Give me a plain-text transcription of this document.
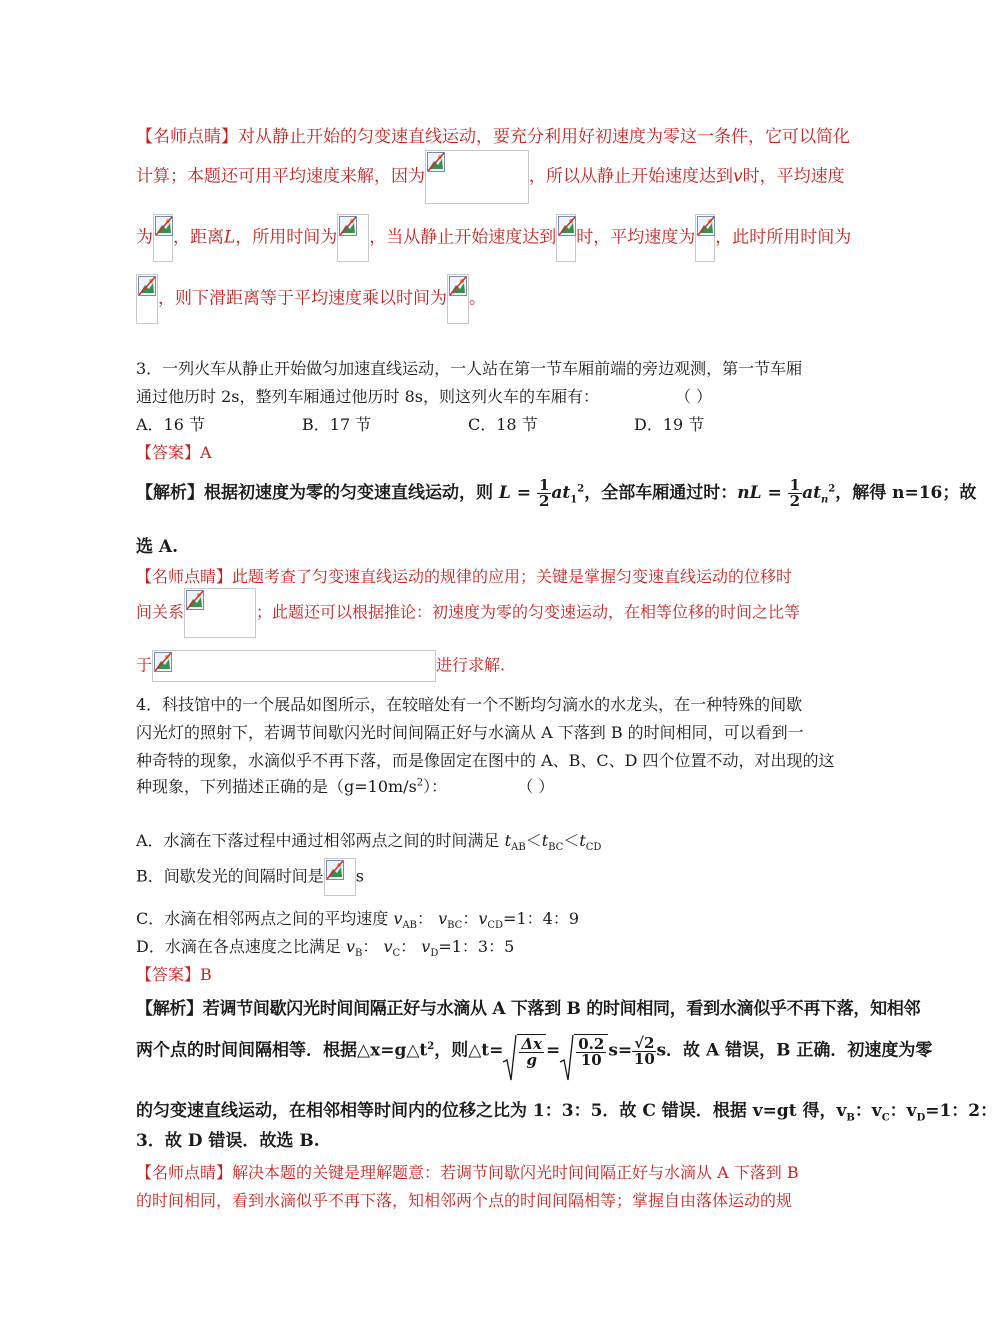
【名师点睛】对从静止开始的匀变速直线运动，要充分利用好初速度为零这一条件，它可以简化
计算；本题还可用平均速度来解，因为	，所以从静止开始速度达到v时，平均速度
为 ，距离L，所用时间为 ，当从静止开始速度达到 时，平均速度为 ，此时所用时间为
，则下滑距离等于平均速度乘以时间为 。
3．一列火车从静止开始做匀加速直线运动，一人站在第一节车厢前端的旁边观测，第一节车厢
通过他历时 2s，整列车厢通过他历时 8s，则这列火车的车厢有：	（ ）
A．16 节	B．17 节	C．18 节	D．19 节
【答案】A
【解析】根据初速度为零的匀变速直线运动，则 $L = \frac{1}{2} at_1^2$，全部车厢通过时：nL = $\frac{1}{2} at_n^2$，解得 n=16；故
选 A.
【名师点睛】此题考查了匀变速直线运动的规律的应用；关键是掌握匀变速直线运动的位移时
间关系	；此题还可以根据推论：初速度为零的匀变速运动，在相等位移的时间之比等
于	进行求解.
4．科技馆中的一个展品如图所示，在较暗处有一个不断均匀滴水的水龙头，在一种特殊的间歇
闪光灯的照射下，若调节间歇闪光时间间隔正好与水滴从 A 下落到 B 的时间相同，可以看到一
种奇特的现象，水滴似乎不再下落，而是像固定在图中的 A、B、C、D 四个位置不动，对出现的这
种现象，下列描述正确的是$(g=10m/s^2)$：	（ ）
A．水滴在下落过程中通过相邻两点之间的时间满足 $t_{AB}<t_{BC}<t_{CD}$
B．间歇发光的间隔时间是 s
C．水滴在相邻两点之间的平均速度 $v_{AB}$： $v_{BC}$：$v_{CD}=1$：4：9
D．水滴在各点速度之比满足 $v_B$： $v_C$： $v_D=1$：3：5
【答案】B
【解析】若调节间歇闪光时间间隔正好与水滴从 A 下落到 B 的时间相同，看到水滴似乎不再下落，知相邻
两个点的时间间隔相等．根据$\triangle x=g\triangle t^2$，则△t= $\frac{\Delta x}{g} = \frac{0.2}{10} s= \frac{√2}{10}$ s．故 A 错误，B 正确．初速度为零
的匀变速直线运动，在相邻相等时间内的位移之比为 1：3：5．故 C 错误．根据 v=gt 得，$v_B$：$v_C$：$v_D=1$：2：
3．故 D 错误．故选 B.
【名师点睛】解决本题的关键是理解题意：若调节间歇闪光时间间隔正好与水滴从 A 下落到 B
的时间相同，看到水滴似乎不再下落，知相邻两个点的时间间隔相等；掌握自由落体运动的规
